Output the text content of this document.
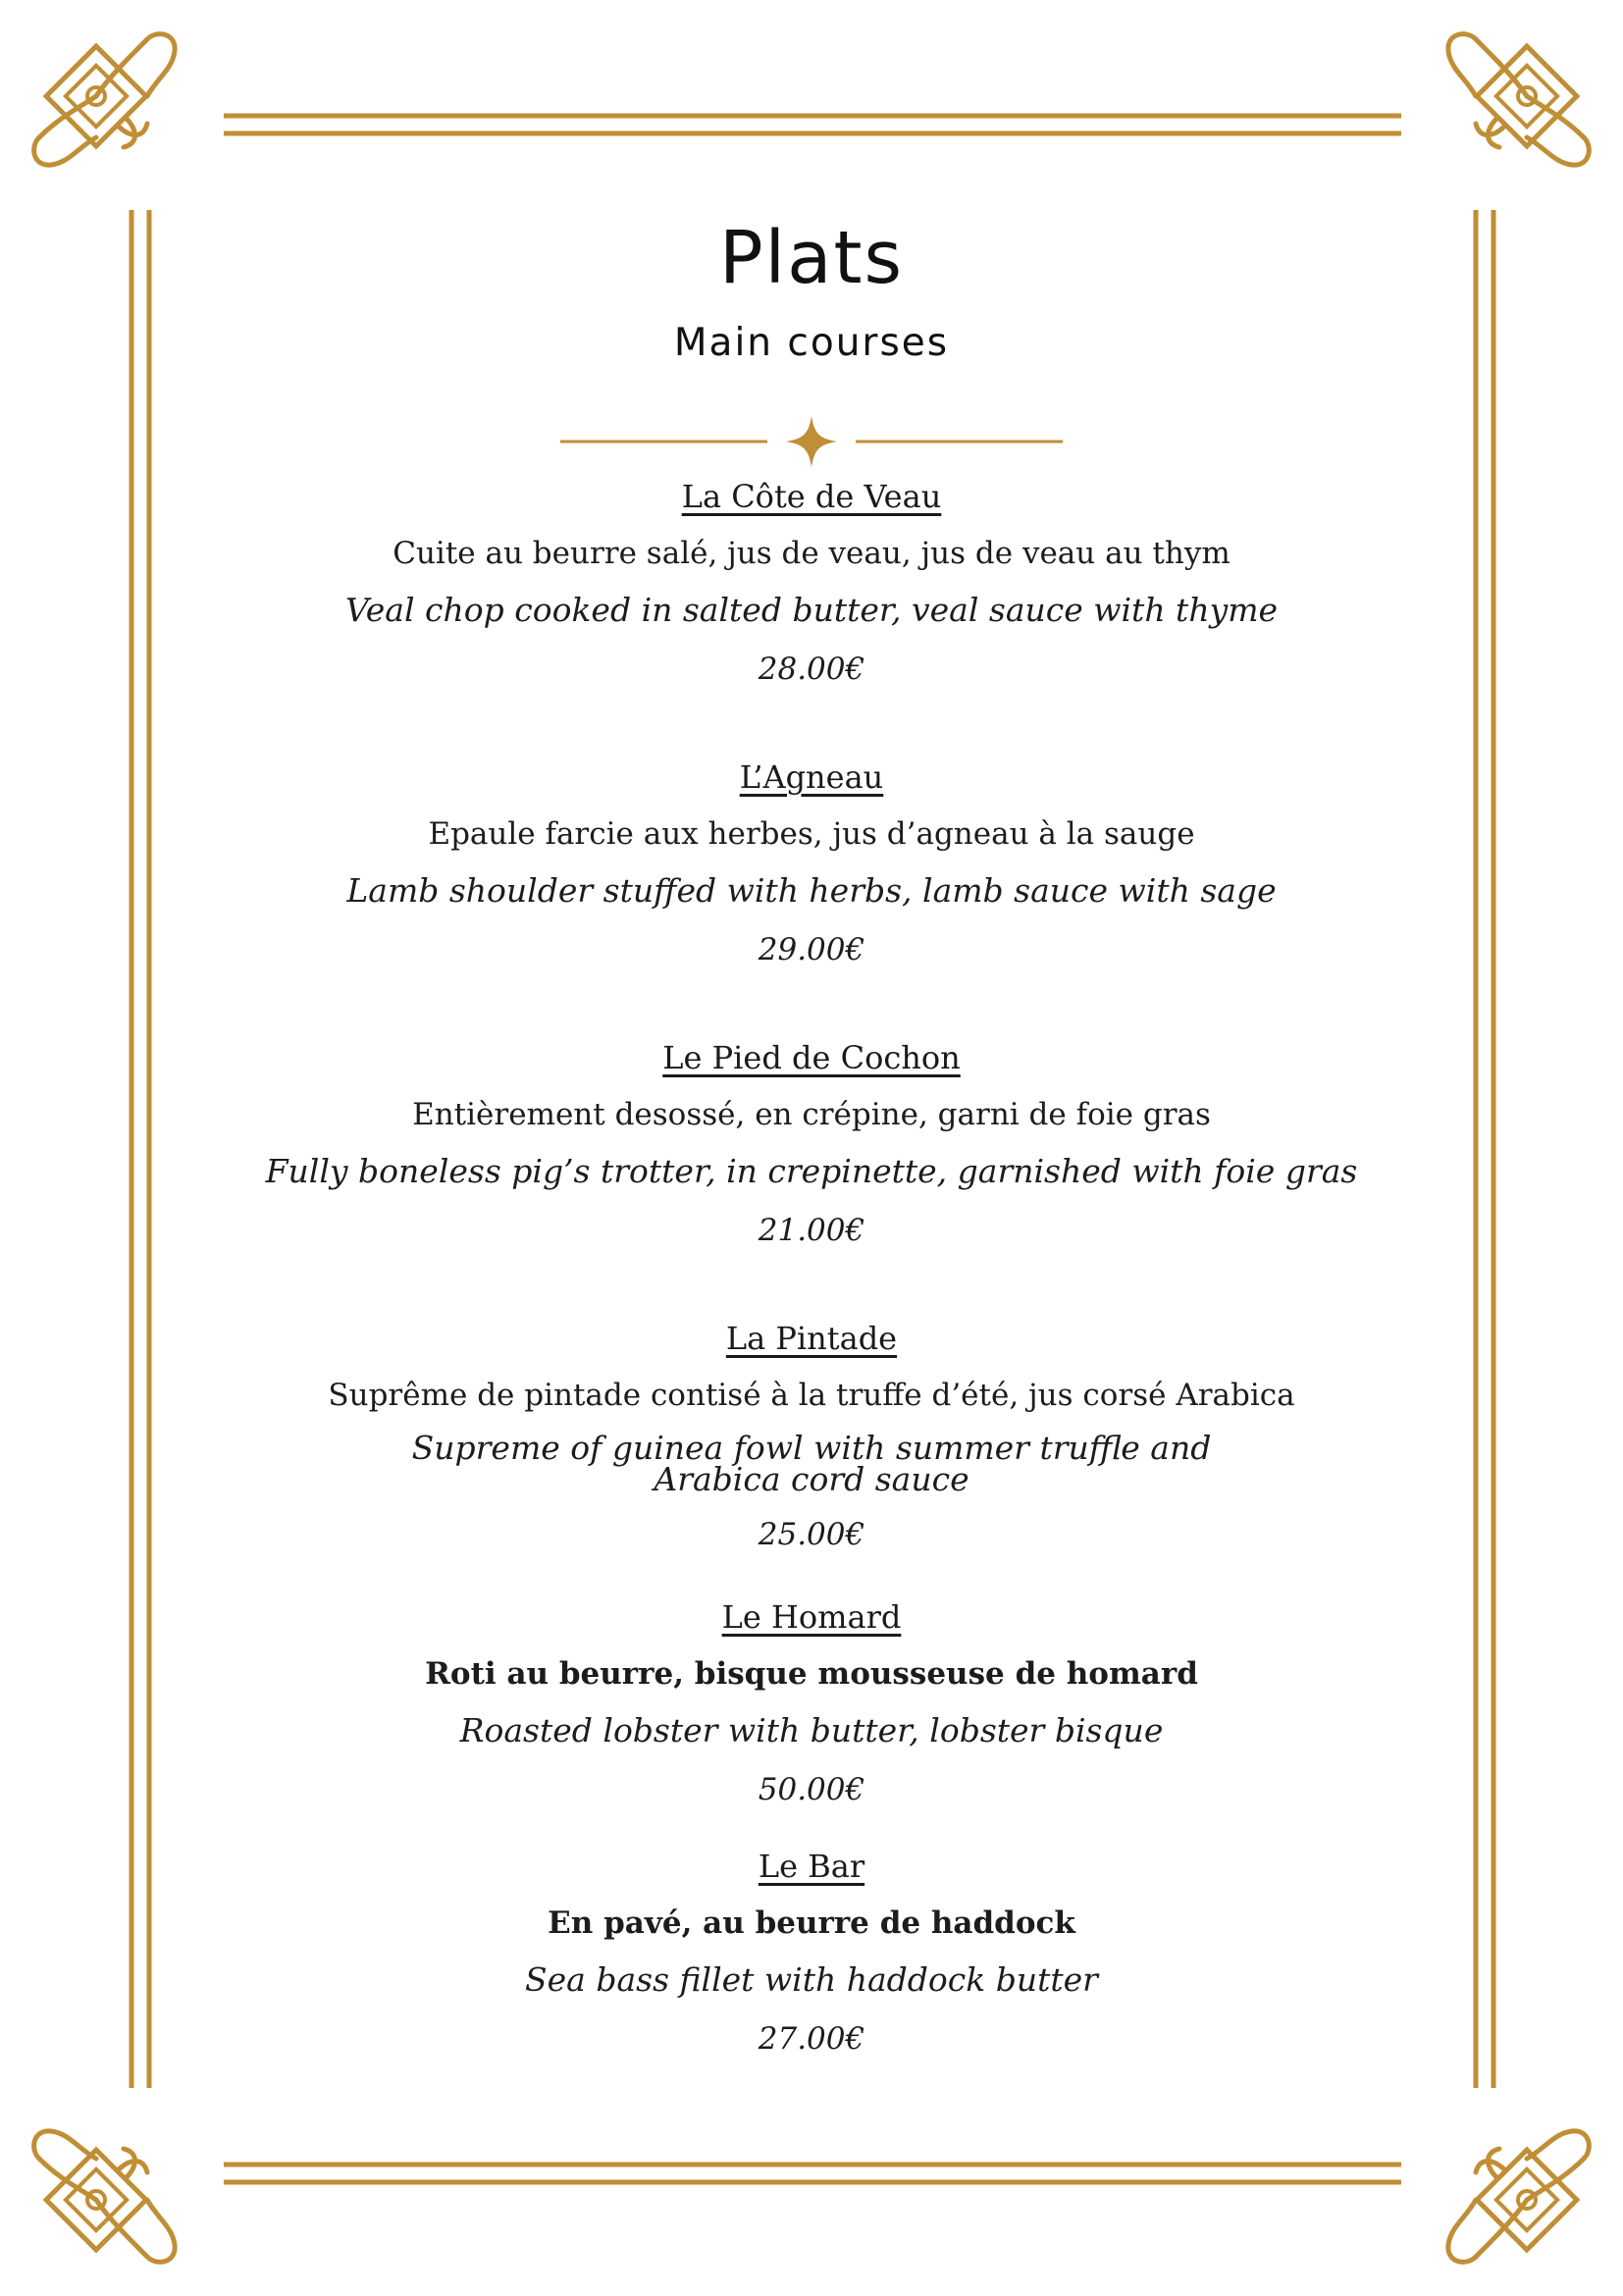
Plats
Main courses
La Côte de Veau
Cuite au beurre salé, jus de veau, jus de veau au thym
Veal chop cooked in salted butter, veal sauce with thyme
28.00€
L’Agneau
Epaule farcie aux herbes, jus d’agneau à la sauge
Lamb shoulder stuffed with herbs, lamb sauce with sage
29.00€
Le Pied de Cochon
Entièrement desossé, en crépine, garni de foie gras
Fully boneless pig’s trotter, in crepinette, garnished with foie gras
21.00€
La Pintade
Suprême de pintade contisé à la truffe d’été, jus corsé Arabica
Supreme of guinea fowl with summer truffle and Arabica cord sauce
25.00€
Le Homard
Roti au beurre, bisque mousseuse de homard
Roasted lobster with butter, lobster bisque
50.00€
Le Bar
En pavé, au beurre de haddock
Sea bass fillet with haddock butter
27.00€
